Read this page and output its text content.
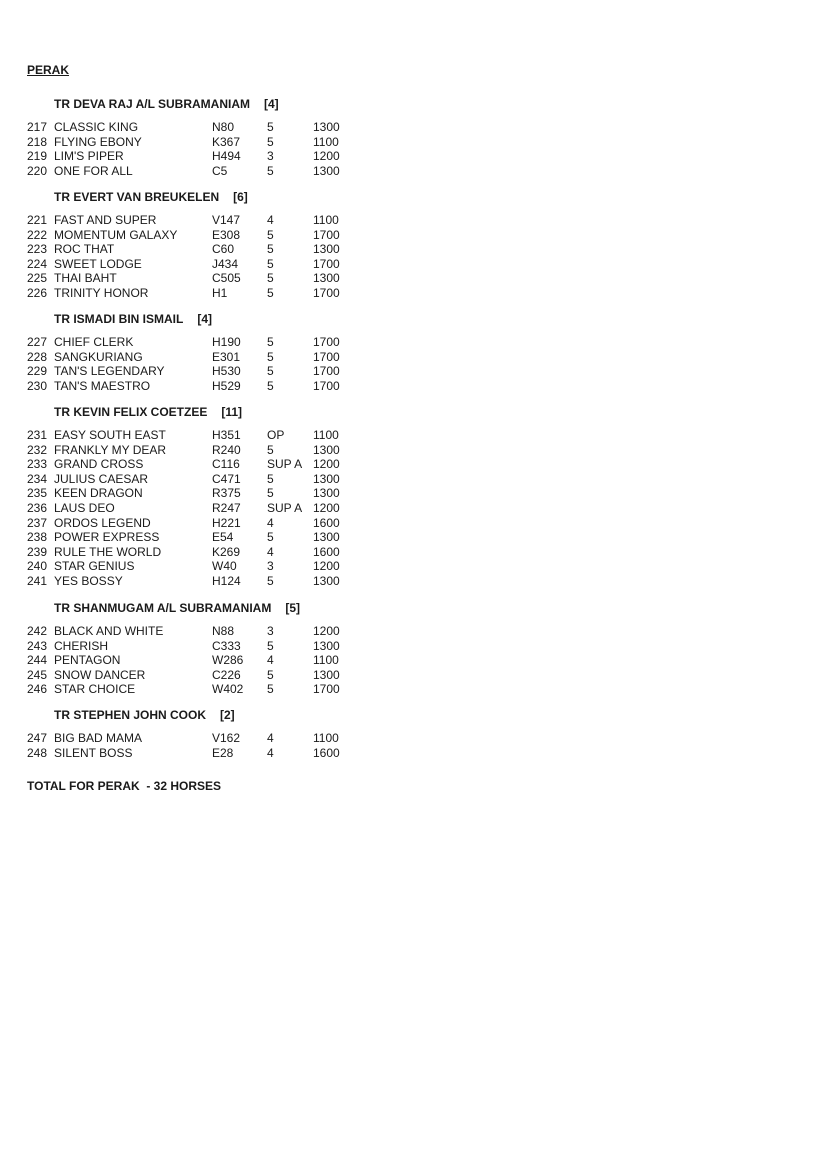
PERAK
TR DEVA RAJ A/L SUBRAMANIAM [4]
217 CLASSIC KING	N80	5	1300
218 FLYING EBONY	K367 5	1100
219 LIM'S PIPER	H494 3	1200
220 ONE FOR ALL	C5	5	1300
TR EVERT VAN BREUKELEN [6]
221 FAST AND SUPER	V147 4	1100
222 MOMENTUM GALAXY	E308 5	1700
223 ROC THAT	C60	5	1300
224 SWEET LODGE	J434 5	1700
225 THAI BAHT	C505 5	1300
226 TRINITY HONOR	H1	5	1700
TR ISMADI BIN ISMAIL [4]
227 CHIEF CLERK	H190 5	1700
228 SANGKURIANG	E301 5	1700
229 TAN'S LEGENDARY	H530 5	1700
230 TAN'S MAESTRO	H529 5	1700
TR KEVIN FELIX COETZEE [11]
231 EASY SOUTH EAST	H351 OP 1100
232 FRANKLY MY DEAR	R240 5	1300
233 GRAND CROSS	C116 SUP A 1200
234 JULIUS CAESAR	C471 5	1300
235 KEEN DRAGON	R375 5	1300
236 LAUS DEO	R247 SUP A 1200
237 ORDOS LEGEND	H221 4	1600
238 POWER EXPRESS	E54	5	1300
239 RULE THE WORLD	K269 4	1600
240 STAR GENIUS	W40	3	1200
241 YES BOSSY	H124 5	1300
TR SHANMUGAM A/L SUBRAMANIAM [5]
242 BLACK AND WHITE	N88	3	1200
243 CHERISH	C333 5	1300
244 PENTAGON	W286 4	1100
245 SNOW DANCER	C226 5	1300
246 STAR CHOICE	W402 5	1700
TR STEPHEN JOHN COOK [2]
247 BIG BAD MAMA	V162 4	1100
248 SILENT BOSS	E28	4	1600
TOTAL FOR PERAK  - 32 HORSES
